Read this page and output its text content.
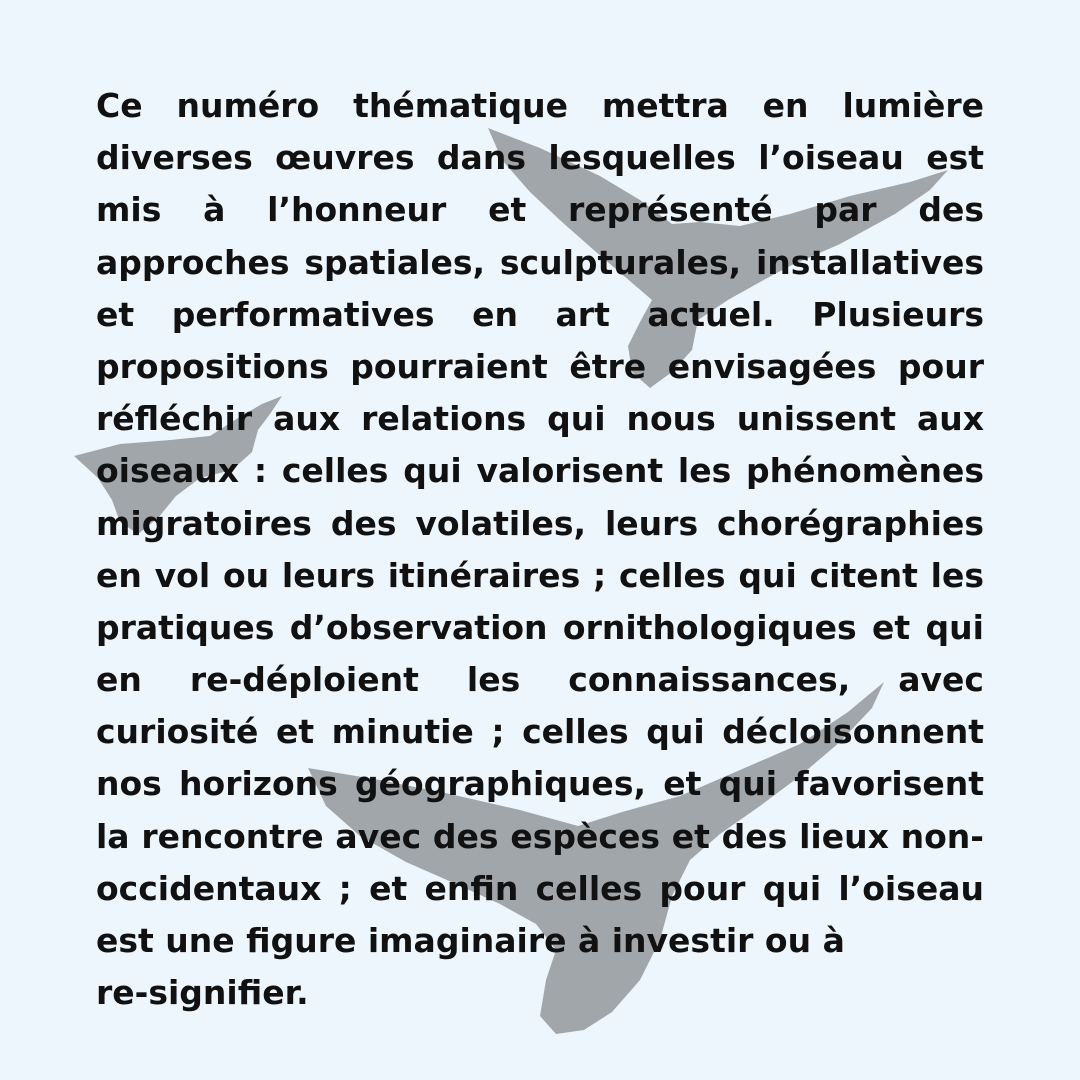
Ce numéro thématique mettra en lumière
diverses œuvres dans lesquelles l’oiseau est
mis à l’honneur et représenté par des
approches spatiales, sculpturales, installatives
et performatives en art actuel. Plusieurs
propositions pourraient être envisagées pour
réfléchir aux relations qui nous unissent aux
oiseaux : celles qui valorisent les phénomènes
migratoires des volatiles, leurs chorégraphies
en vol ou leurs itinéraires ; celles qui citent les
pratiques d’observation ornithologiques et qui
en re-déploient les connaissances, avec
curiosité et minutie ; celles qui décloisonnent
nos horizons géographiques, et qui favorisent
la rencontre avec des espèces et des lieux non-
occidentaux ; et enfin celles pour qui l’oiseau
est une figure imaginaire à investir ou à
re-signifier.
